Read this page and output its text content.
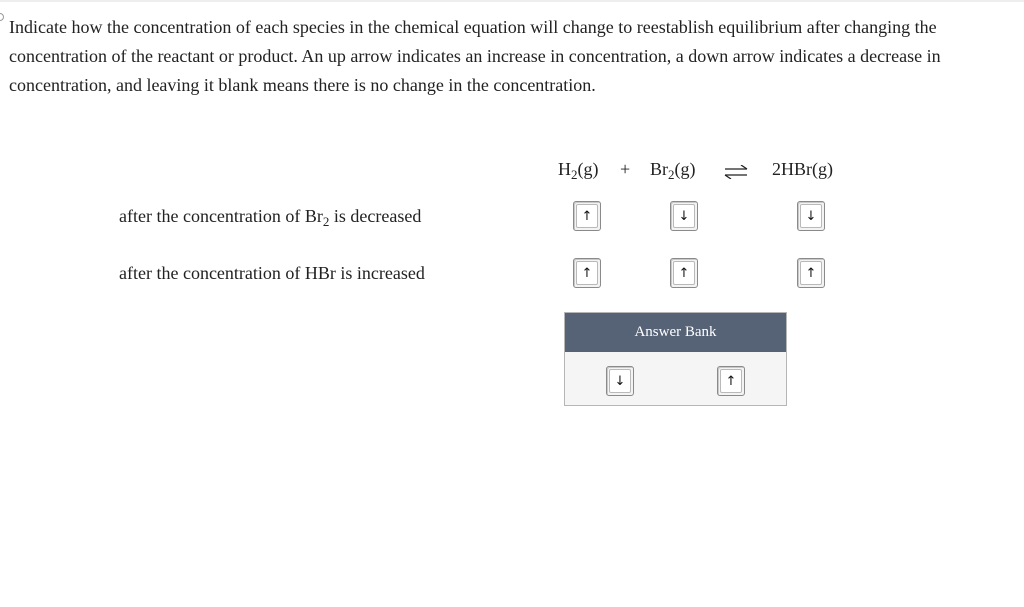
Indicate how the concentration of each species in the chemical equation will change to reestablish equilibrium after changing the concentration of the reactant or product. An up arrow indicates an increase in concentration, a down arrow indicates a decrease in concentration, and leaving it blank means there is no change in the concentration.

$H_2(g) + Br_2(g)$ ⇌ 2HBr(g)
after the concentration of $Br_2$ is decreased	↑	↓	↓
after the concentration of HBr is increased	↑	↑	↑
Answer Bank
↓	↑
